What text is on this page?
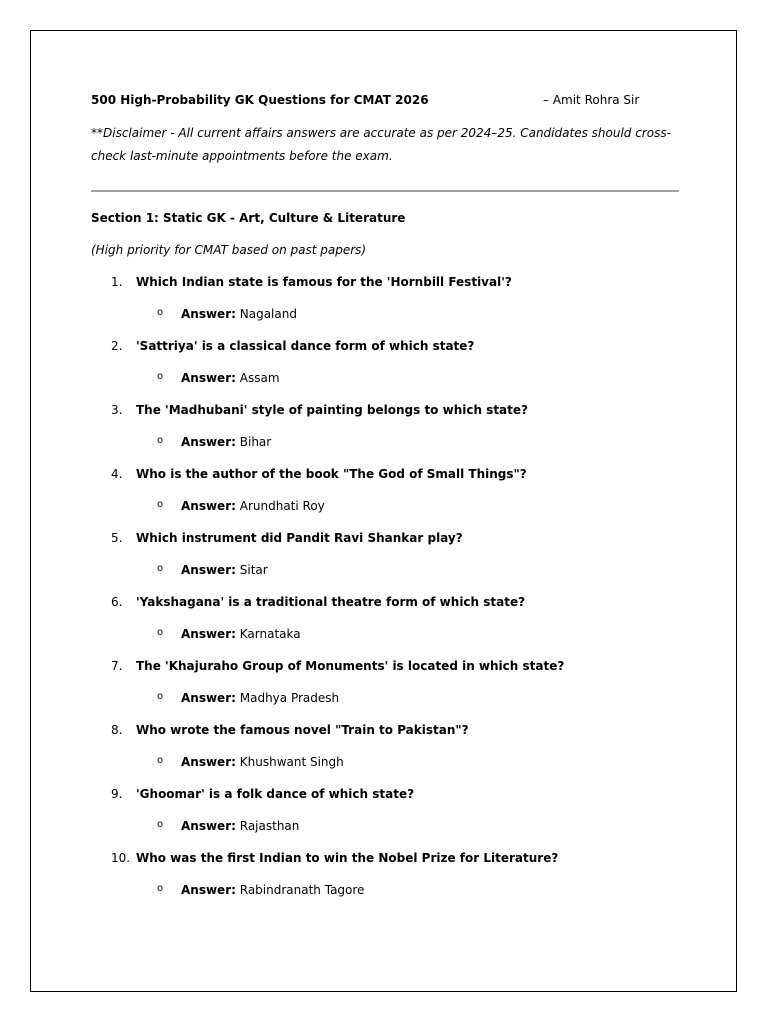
500 High-Probability GK Questions for CMAT 2026	– Amit Rohra Sir
**Disclaimer - All current affairs answers are accurate as per 2024–25. Candidates should cross-check last-minute appointments before the exam.
Section 1: Static GK - Art, Culture & Literature
(High priority for CMAT based on past papers)
1. Which Indian state is famous for the 'Hornbill Festival'?
o Answer: Nagaland
2. 'Sattriya' is a classical dance form of which state?
o Answer: Assam
3. The 'Madhubani' style of painting belongs to which state?
o Answer: Bihar
4. Who is the author of the book "The God of Small Things"?
o Answer: Arundhati Roy
5. Which instrument did Pandit Ravi Shankar play?
o Answer: Sitar
6. 'Yakshagana' is a traditional theatre form of which state?
o Answer: Karnataka
7. The 'Khajuraho Group of Monuments' is located in which state?
o Answer: Madhya Pradesh
8. Who wrote the famous novel "Train to Pakistan"?
o Answer: Khushwant Singh
9. 'Ghoomar' is a folk dance of which state?
o Answer: Rajasthan
10. Who was the first Indian to win the Nobel Prize for Literature?
o Answer: Rabindranath Tagore
